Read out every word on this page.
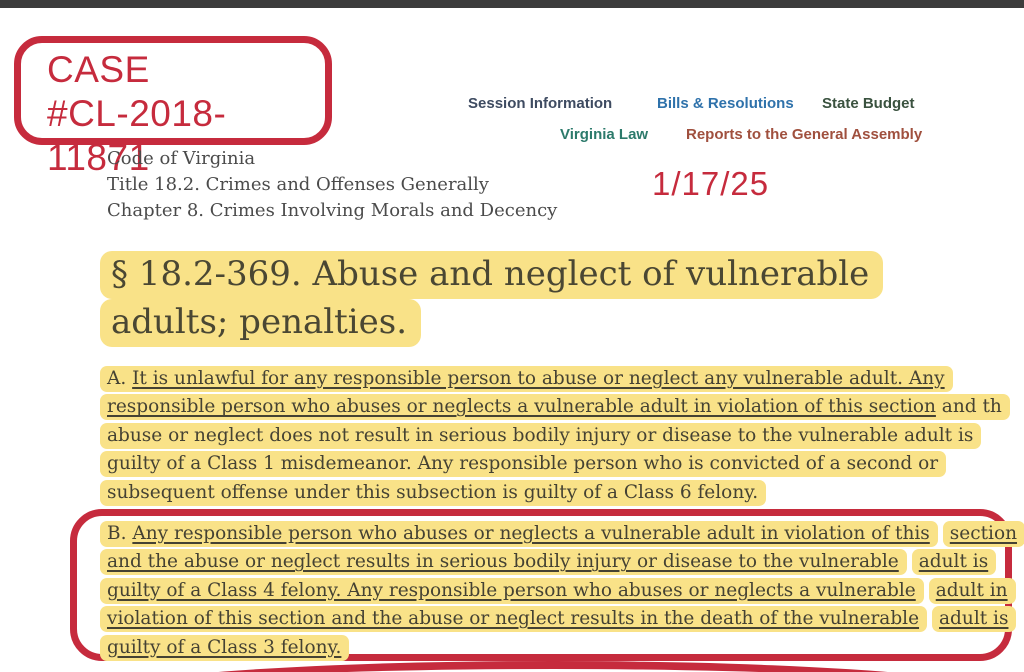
CASE
#CL-2018-11871
Session Information	Bills & Resolutions State Budget
Virginia Law	Reports to the General Assembly
Code of Virginia
Title 18.2. Crimes and Offenses Generally
Chapter 8. Crimes Involving Morals and Decency
1/17/25
§ 18.2-369. Abuse and neglect of vulnerable
adults; penalties.
A. It is unlawful for any responsible person to abuse or neglect any vulnerable adult. Any
responsible person who abuses or neglects a vulnerable adult in violation of this section and th
abuse or neglect does not result in serious bodily injury or disease to the vulnerable adult is
guilty of a Class 1 misdemeanor. Any responsible person who is convicted of a second or
subsequent offense under this subsection is guilty of a Class 6 felony.
B. Any responsible person who abuses or neglects a vulnerable adult in violation of this section
and the abuse or neglect results in serious bodily injury or disease to the vulnerable adult is
guilty of a Class 4 felony. Any responsible person who abuses or neglects a vulnerable adult in
violation of this section and the abuse or neglect results in the death of the vulnerable adult is
guilty of a Class 3 felony.
